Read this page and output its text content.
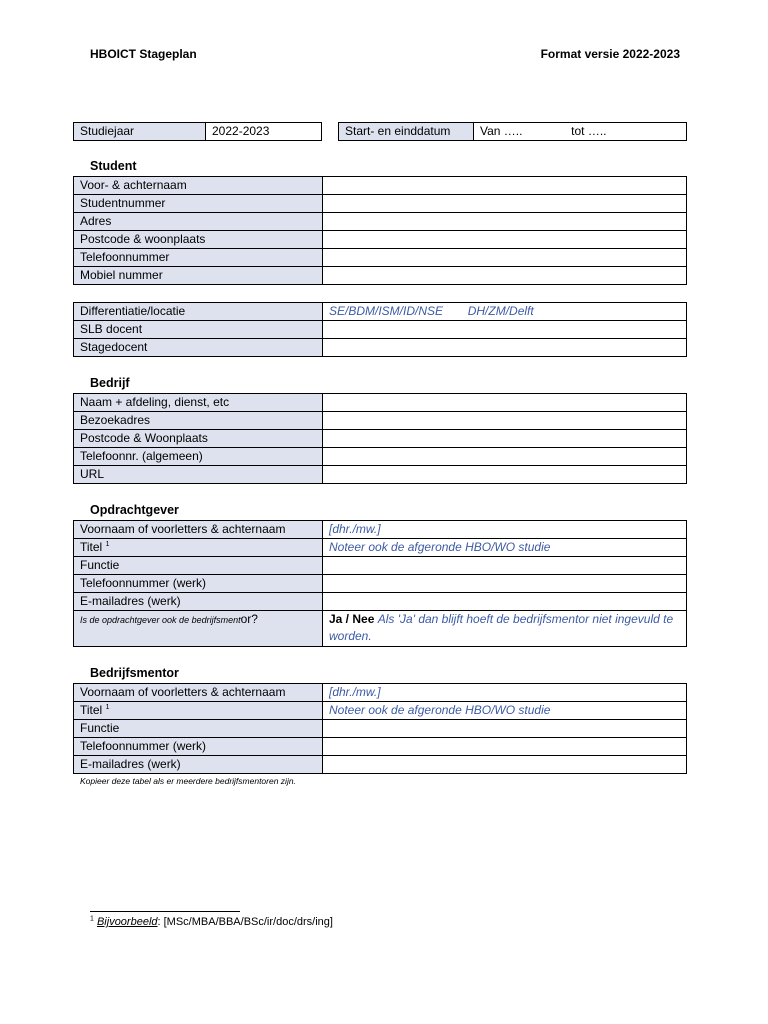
HBOICT Stageplan	Format versie 2022-2023
Studiejaar	2022-2023	Start- en einddatum	Van …..	tot …..
Student
Voor- & achternaam	
Studentnummer	
Adres	
Postcode & woonplaats	
Telefoonnummer	
Mobiel nummer	
Differentiatie/locatie	SE/BDM/ISM/ID/NSE DH/ZM/Delft
SLB docent	
Stagedocent	
Bedrijf
Naam + afdeling, dienst, etc	
Bezoekadres	
Postcode & Woonplaats	
Telefoonnr. (algemeen)	
URL	
Opdrachtgever
Voornaam of voorletters & achternaam	[dhr./mw.]
Titel $^1$	Noteer ook de afgeronde HBO/WO studie
Functie	
Telefoonnummer (werk)	
E-mailadres (werk)	
Is de opdrachtgever ook de bedrijfsmentor?	Ja / Nee Als 'Ja' dan blijft hoeft de bedrijfsmentor niet ingevuld te worden.
Bedrijfsmentor
Voornaam of voorletters & achternaam	[dhr./mw.]
Titel $^1$	Noteer ook de afgeronde HBO/WO studie
Functie	
Telefoonnummer (werk)	
E-mailadres (werk)	
Kopieer deze tabel als er meerdere bedrijfsmentoren zijn.
$^1$ Bijvoorbeeld: [MSc/MBA/BBA/BSc/ir/doc/drs/ing]
